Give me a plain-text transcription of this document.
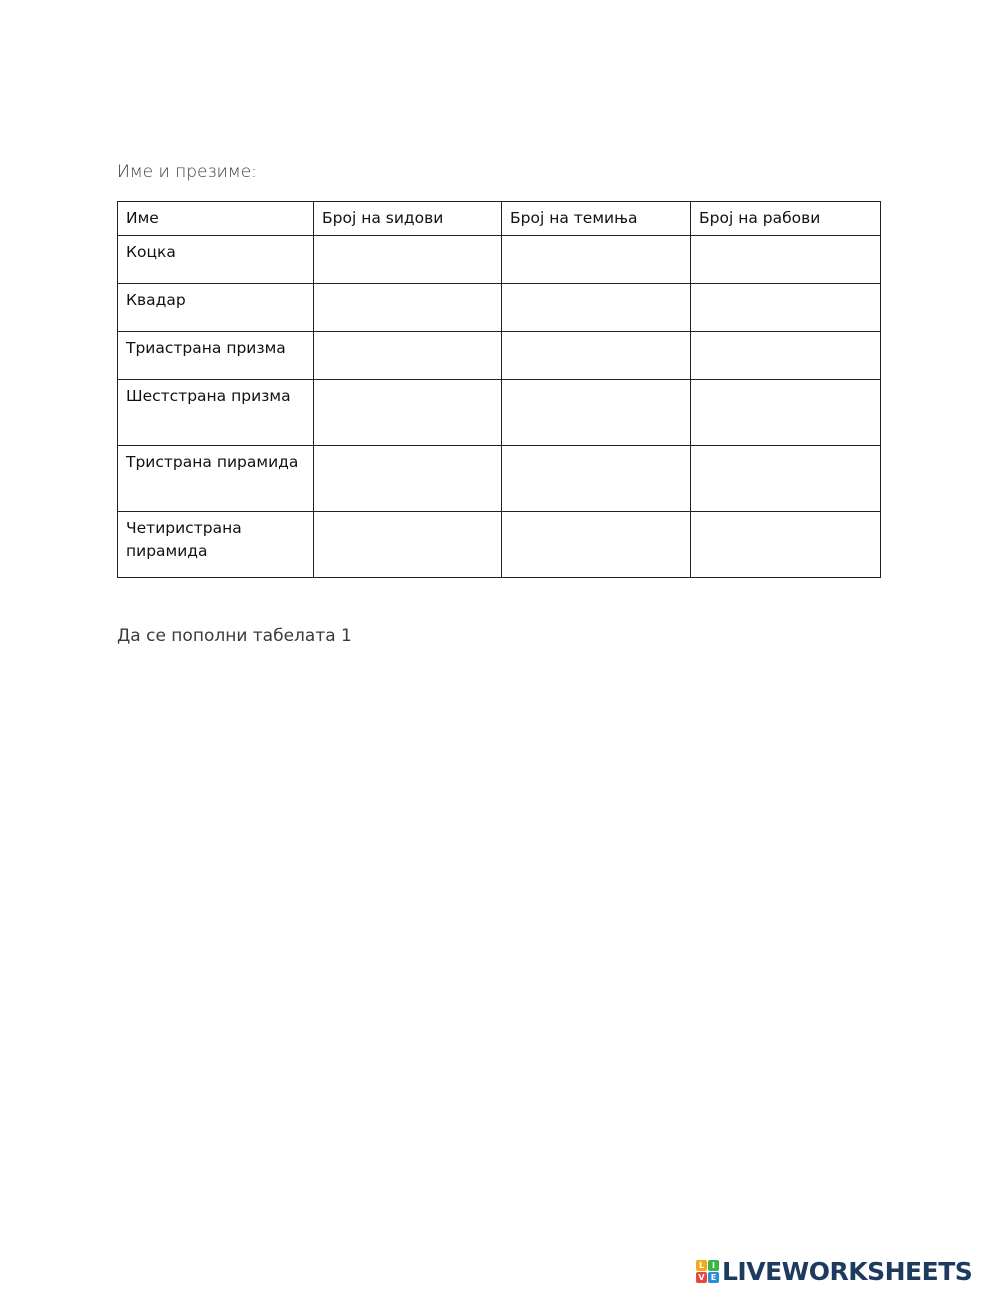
Име и презиме:
Име	Број на ѕидови	Број на темиња	Број на рабови
Коцка			
Квадар			
Триастрана призма			
Шестстрана призма			
Тристрана пирамида			
Четиристрана пирамида			
Да се пополни табелата 1
L I
V E LIVEWORKSHEETS
